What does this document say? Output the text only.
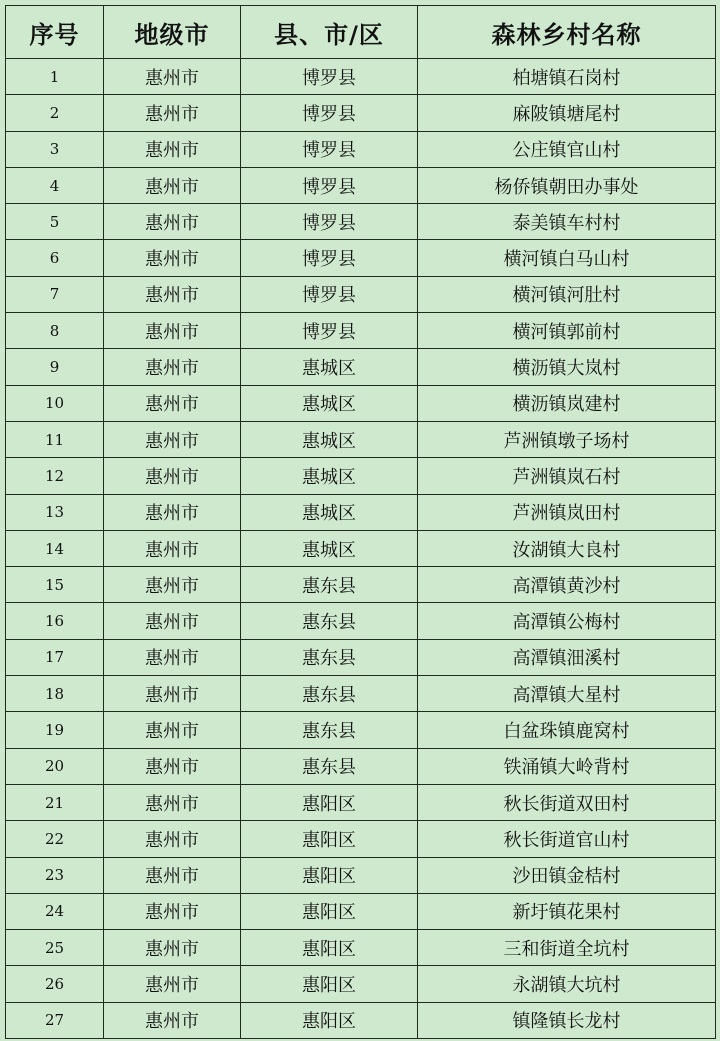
序号	地级市	县、市/区	森林乡村名称
1	惠州市	博罗县	柏塘镇石岗村
2	惠州市	博罗县	麻陂镇塘尾村
3	惠州市	博罗县	公庄镇官山村
4	惠州市	博罗县	杨侨镇朝田办事处
5	惠州市	博罗县	泰美镇车村村
6	惠州市	博罗县	横河镇白马山村
7	惠州市	博罗县	横河镇河肚村
8	惠州市	博罗县	横河镇郭前村
9	惠州市	惠城区	横沥镇大岚村
10	惠州市	惠城区	横沥镇岚建村
11	惠州市	惠城区	芦洲镇墩子场村
12	惠州市	惠城区	芦洲镇岚石村
13	惠州市	惠城区	芦洲镇岚田村
14	惠州市	惠城区	汝湖镇大良村
15	惠州市	惠东县	高潭镇黄沙村
16	惠州市	惠东县	高潭镇公梅村
17	惠州市	惠东县	高潭镇沺溪村
18	惠州市	惠东县	高潭镇大星村
19	惠州市	惠东县	白盆珠镇鹿窝村
20	惠州市	惠东县	铁涌镇大岭背村
21	惠州市	惠阳区	秋长街道双田村
22	惠州市	惠阳区	秋长街道官山村
23	惠州市	惠阳区	沙田镇金桔村
24	惠州市	惠阳区	新圩镇花果村
25	惠州市	惠阳区	三和街道全坑村
26	惠州市	惠阳区	永湖镇大坑村
27	惠州市	惠阳区	镇隆镇长龙村
